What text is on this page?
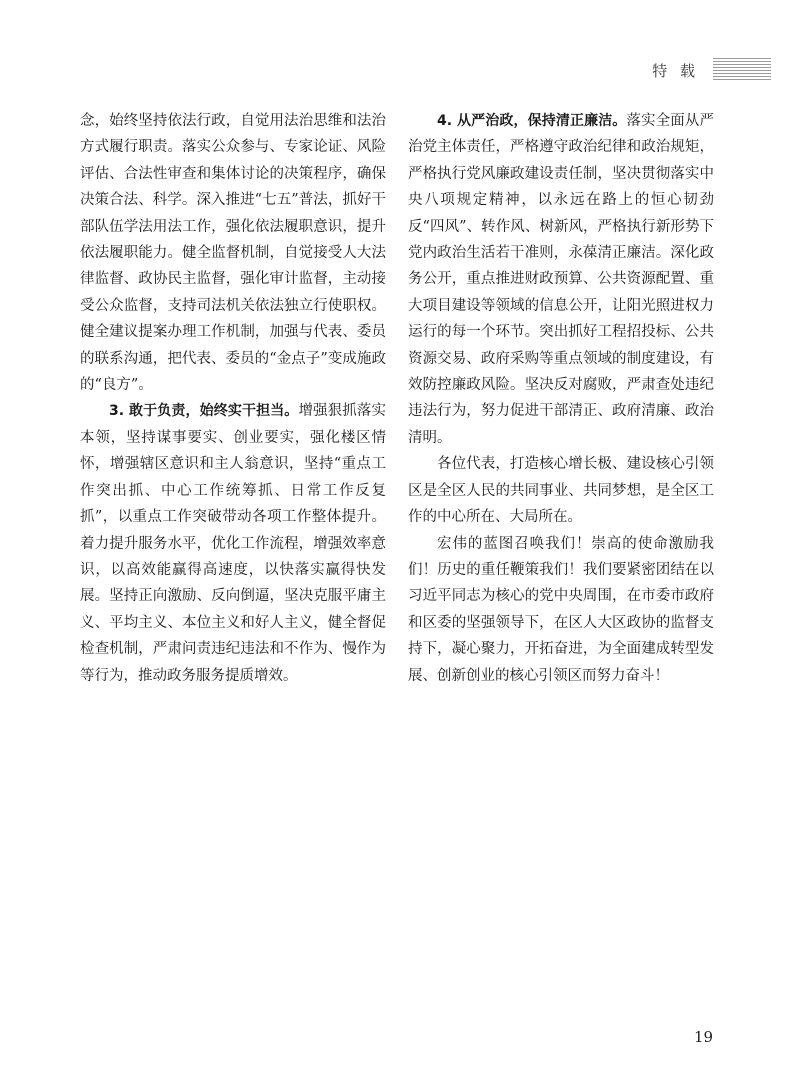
特 载

念，始终坚持依法行政，自觉用法治思维和法治方式履行职责。落实公众参与、专家论证、风险评估、合法性审查和集体讨论的决策程序，确保决策合法、科学。深入推进“七五”普法，抓好干部队伍学法用法工作，强化依法履职意识，提升依法履职能力。健全监督机制，自觉接受人大法律监督、政协民主监督，强化审计监督，主动接受公众监督，支持司法机关依法独立行使职权。健全建议提案办理工作机制，加强与代表、委员的联系沟通，把代表、委员的“金点子”变成施政的“良方”。

3. 敢于负责，始终实干担当。增强狠抓落实本领，坚持谋事要实、创业要实，强化楼区情怀，增强辖区意识和主人翁意识，坚持“重点工作突出抓、中心工作统筹抓、日常工作反复抓”，以重点工作突破带动各项工作整体提升。着力提升服务水平，优化工作流程，增强效率意识，以高效能赢得高速度，以快落实赢得快发展。坚持正向激励、反向倒逼，坚决克服平庸主义、平均主义、本位主义和好人主义，健全督促检查机制，严肃问责违纪违法和不作为、慢作为等行为，推动政务服务提质增效。

4. 从严治政，保持清正廉洁。落实全面从严治党主体责任，严格遵守政治纪律和政治规矩，严格执行党风廉政建设责任制，坚决贯彻落实中央八项规定精神，以永远在路上的恒心韧劲反“四风”、转作风、树新风，严格执行新形势下党内政治生活若干准则，永葆清正廉洁。深化政务公开，重点推进财政预算、公共资源配置、重大项目建设等领域的信息公开，让阳光照进权力运行的每一个环节。突出抓好工程招投标、公共资源交易、政府采购等重点领域的制度建设，有效防控廉政风险。坚决反对腐败，严肃查处违纪违法行为，努力促进干部清正、政府清廉、政治清明。

各位代表，打造核心增长极、建设核心引领区是全区人民的共同事业、共同梦想，是全区工作的中心所在、大局所在。

宏伟的蓝图召唤我们！崇高的使命激励我们！历史的重任鞭策我们！我们要紧密团结在以习近平同志为核心的党中央周围，在市委市政府和区委的坚强领导下，在区人大区政协的监督支持下，凝心聚力，开拓奋进，为全面建成转型发展、创新创业的核心引领区而努力奋斗！

19
